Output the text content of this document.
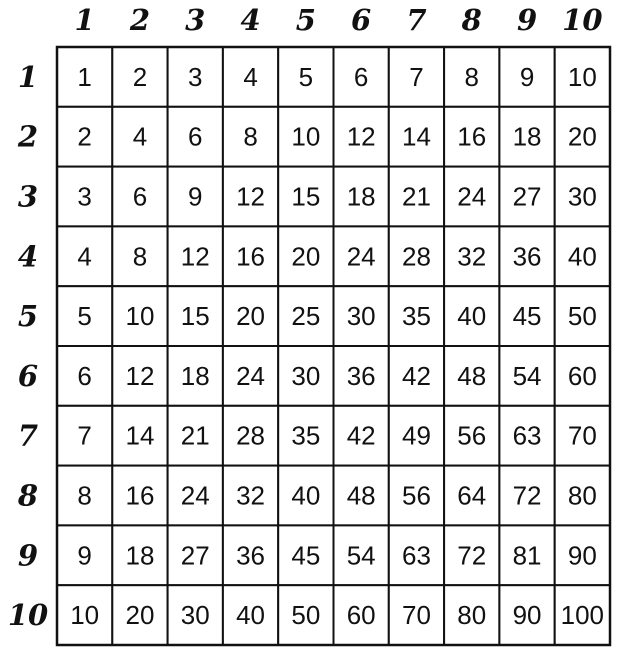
1 2 3 4 5 6 7 8 9 10
1
2
3
4
5
6
7
8
9
10
1 2 3 4 5 6 7 8 9 10
2 4 6 8 10 12 14 16 18 20
3 6 9 12 15 18 21 24 27 30
4 8 12 16 20 24 28 32 36 40
5 10 15 20 25 30 35 40 45 50
6 12 18 24 30 36 42 48 54 60
7 14 21 28 35 42 49 56 63 70
8 16 24 32 40 48 56 64 72 80
9 18 27 36 45 54 63 72 81 90
10 20 30 40 50 60 70 80 90 100
